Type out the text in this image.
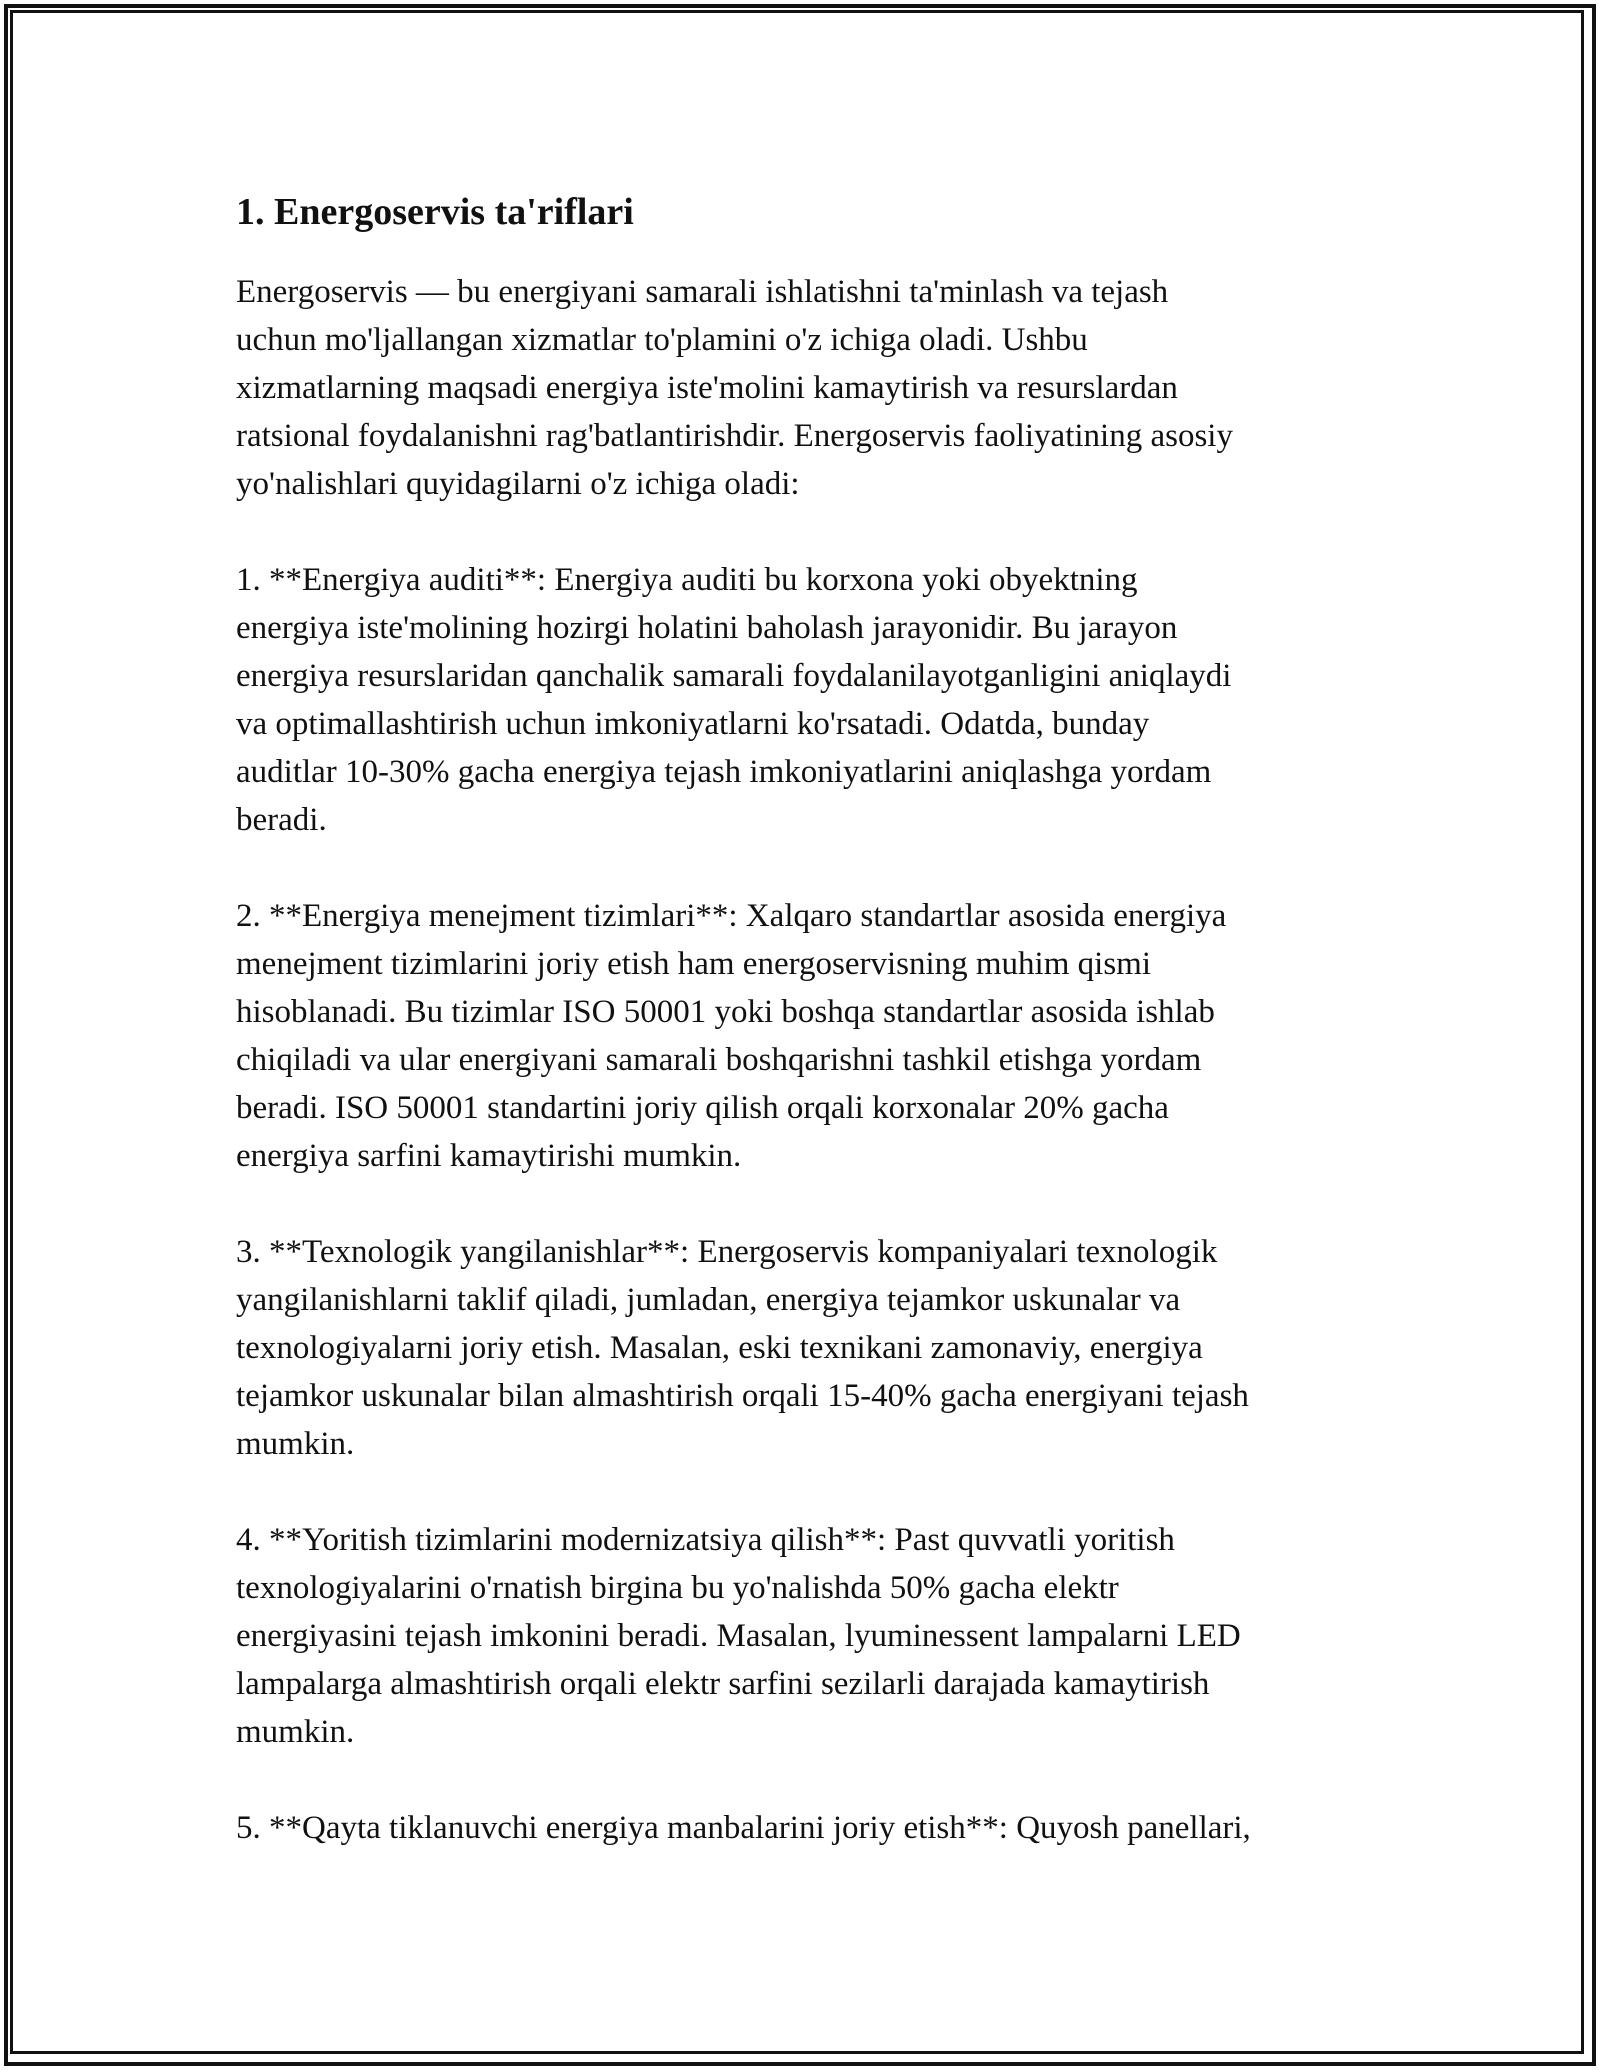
1. Energoservis ta'riflari

Energoservis — bu energiyani samarali ishlatishni ta'minlash va tejash
uchun mo'ljallangan xizmatlar to'plamini o'z ichiga oladi. Ushbu
xizmatlarning maqsadi energiya iste'molini kamaytirish va resurslardan
ratsional foydalanishni rag'batlantirishdir. Energoservis faoliyatining asosiy
yo'nalishlari quyidagilarni o'z ichiga oladi:

1. **Energiya auditi**: Energiya auditi bu korxona yoki obyektning
energiya iste'molining hozirgi holatini baholash jarayonidir. Bu jarayon
energiya resurslaridan qanchalik samarali foydalanilayotganligini aniqlaydi
va optimallashtirish uchun imkoniyatlarni ko'rsatadi. Odatda, bunday
auditlar 10-30% gacha energiya tejash imkoniyatlarini aniqlashga yordam
beradi.

2. **Energiya menejment tizimlari**: Xalqaro standartlar asosida energiya
menejment tizimlarini joriy etish ham energoservisning muhim qismi
hisoblanadi. Bu tizimlar ISO 50001 yoki boshqa standartlar asosida ishlab
chiqiladi va ular energiyani samarali boshqarishni tashkil etishga yordam
beradi. ISO 50001 standartini joriy qilish orqali korxonalar 20% gacha
energiya sarfini kamaytirishi mumkin.

3. **Texnologik yangilanishlar**: Energoservis kompaniyalari texnologik
yangilanishlarni taklif qiladi, jumladan, energiya tejamkor uskunalar va
texnologiyalarni joriy etish. Masalan, eski texnikani zamonaviy, energiya
tejamkor uskunalar bilan almashtirish orqali 15-40% gacha energiyani tejash
mumkin.

4. **Yoritish tizimlarini modernizatsiya qilish**: Past quvvatli yoritish
texnologiyalarini o'rnatish birgina bu yo'nalishda 50% gacha elektr
energiyasini tejash imkonini beradi. Masalan, lyuminessent lampalarni LED
lampalarga almashtirish orqali elektr sarfini sezilarli darajada kamaytirish
mumkin.

5. **Qayta tiklanuvchi energiya manbalarini joriy etish**: Quyosh panellari,
